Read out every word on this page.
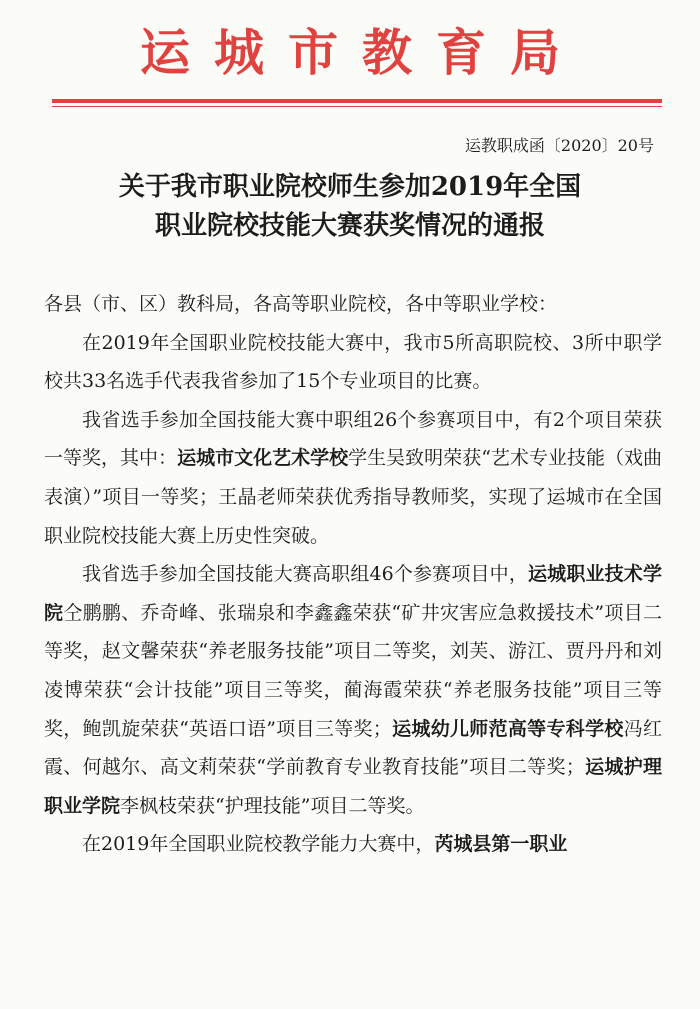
运城市教育局
运教职成函〔2020〕20号
关于我市职业院校师生参加2019年全国
职业院校技能大赛获奖情况的通报

各县（市、区）教科局，各高等职业院校，各中等职业学校：

在2019年全国职业院校技能大赛中，我市5所高职院校、3所中职学校共33名选手代表我省参加了15个专业项目的比赛。

我省选手参加全国技能大赛中职组26个参赛项目中，有2个项目荣获一等奖，其中：运城市文化艺术学校学生吴致明荣获“艺术专业技能（戏曲表演）”项目一等奖；王晶老师荣获优秀指导教师奖，实现了运城市在全国职业院校技能大赛上历史性突破。

我省选手参加全国技能大赛高职组46个参赛项目中，运城职业技术学院仝鹏鹏、乔奇峰、张瑞泉和李鑫鑫荣获“矿井灾害应急救援技术”项目二等奖，赵文馨荣获“养老服务技能”项目二等奖，刘芙、游江、贾丹丹和刘凌博荣获“会计技能”项目三等奖，蔺海霞荣获“养老服务技能”项目三等奖，鲍凯旋荣获“英语口语”项目三等奖；运城幼儿师范高等专科学校冯红霞、何越尔、高文莉荣获“学前教育专业教育技能”项目二等奖；运城护理职业学院李枫枝荣获“护理技能”项目二等奖。

在2019年全国职业院校教学能力大赛中，芮城县第一职业
